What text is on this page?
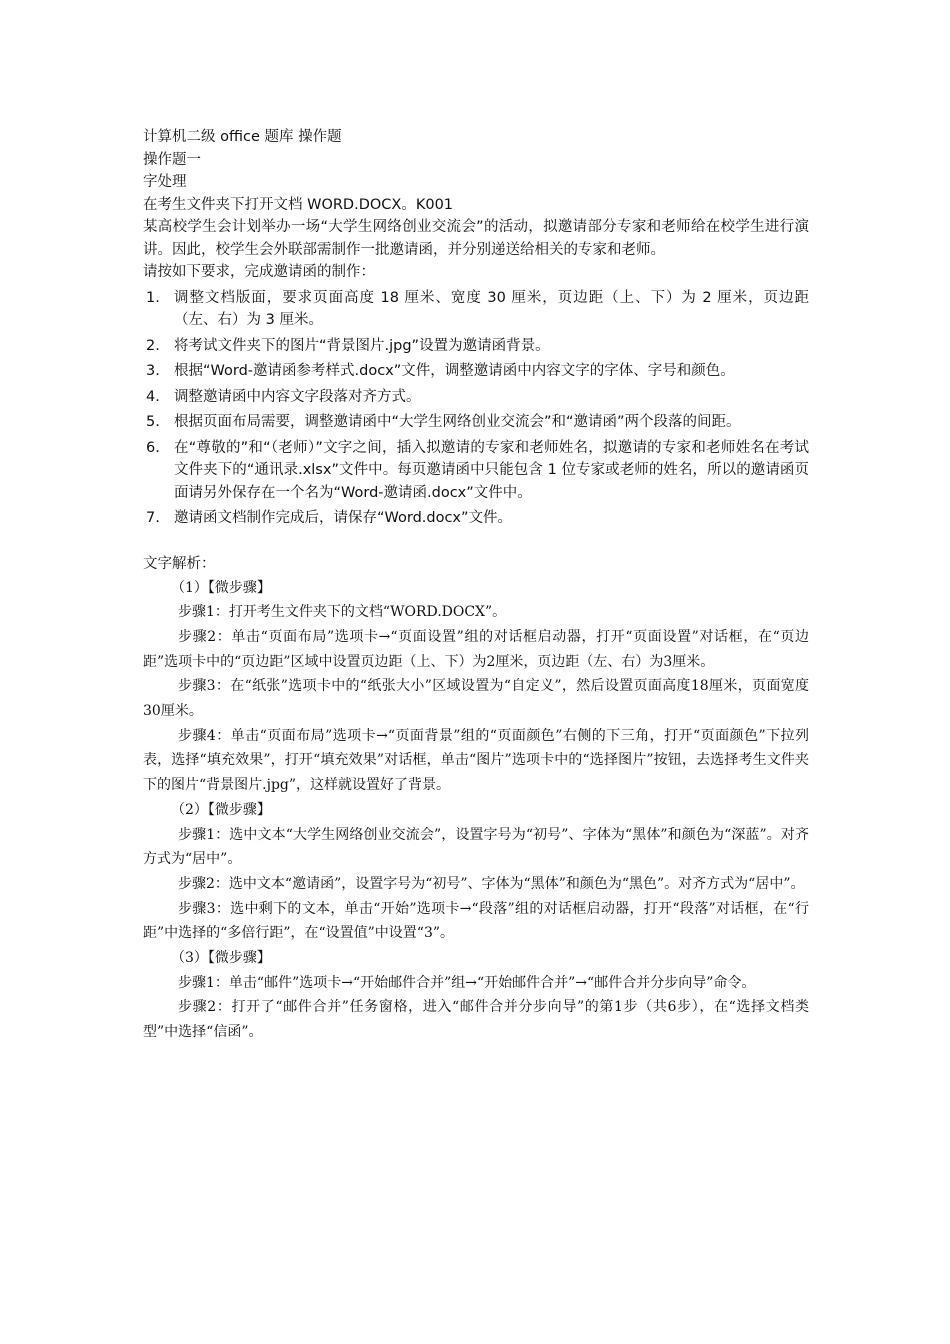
计算机二级 office 题库 操作题
操作题一
字处理
在考生文件夹下打开文档 WORD.DOCX。K001
某高校学生会计划举办一场“大学生网络创业交流会”的活动，拟邀请部分专家和老师给在校学生进行演讲。因此，校学生会外联部需制作一批邀请函，并分别递送给相关的专家和老师。
请按如下要求，完成邀请函的制作：
1. 调整文档版面，要求页面高度 18 厘米、宽度 30 厘米，页边距（上、下）为 2 厘米，页边距（左、右）为 3 厘米。
2. 将考试文件夹下的图片“背景图片.jpg”设置为邀请函背景。
3. 根据“Word-邀请函参考样式.docx”文件，调整邀请函中内容文字的字体、字号和颜色。
4. 调整邀请函中内容文字段落对齐方式。
5. 根据页面布局需要，调整邀请函中“大学生网络创业交流会”和“邀请函”两个段落的间距。
6. 在“尊敬的”和“（老师）”文字之间，插入拟邀请的专家和老师姓名，拟邀请的专家和老师姓名在考试文件夹下的“通讯录.xlsx”文件中。每页邀请函中只能包含 1 位专家或老师的姓名，所以的邀请函页面请另外保存在一个名为“Word-邀请函.docx”文件中。
7. 邀请函文档制作完成后，请保存“Word.docx”文件。
文字解析：
（1）【微步骤】
步骤1：打开考生文件夹下的文档“WORD.DOCX”。
步骤2：单击“页面布局”选项卡→“页面设置”组的对话框启动器，打开“页面设置”对话框，在“页边距”选项卡中的“页边距”区域中设置页边距（上、下）为2厘米，页边距（左、右）为3厘米。
步骤3：在“纸张”选项卡中的“纸张大小”区域设置为“自定义”，然后设置页面高度18厘米，页面宽度30厘米。
步骤4：单击“页面布局”选项卡→“页面背景”组的“页面颜色”右侧的下三角，打开“页面颜色”下拉列表，选择“填充效果”，打开“填充效果”对话框，单击“图片”选项卡中的“选择图片”按钮，去选择考生文件夹下的图片“背景图片.jpg”，这样就设置好了背景。
（2）【微步骤】
步骤1：选中文本“大学生网络创业交流会”，设置字号为“初号”、字体为“黑体”和颜色为“深蓝”。对齐方式为“居中”。
步骤2：选中文本“邀请函”，设置字号为“初号”、字体为“黑体”和颜色为“黑色”。对齐方式为“居中”。
步骤3：选中剩下的文本，单击“开始”选项卡→“段落”组的对话框启动器，打开“段落”对话框，在“行距”中选择的“多倍行距”，在“设置值”中设置“3”。
（3）【微步骤】
步骤1：单击“邮件”选项卡→“开始邮件合并”组→“开始邮件合并”→“邮件合并分步向导”命令。
步骤2：打开了“邮件合并”任务窗格，进入“邮件合并分步向导”的第1步（共6步），在“选择文档类型”中选择“信函”。
